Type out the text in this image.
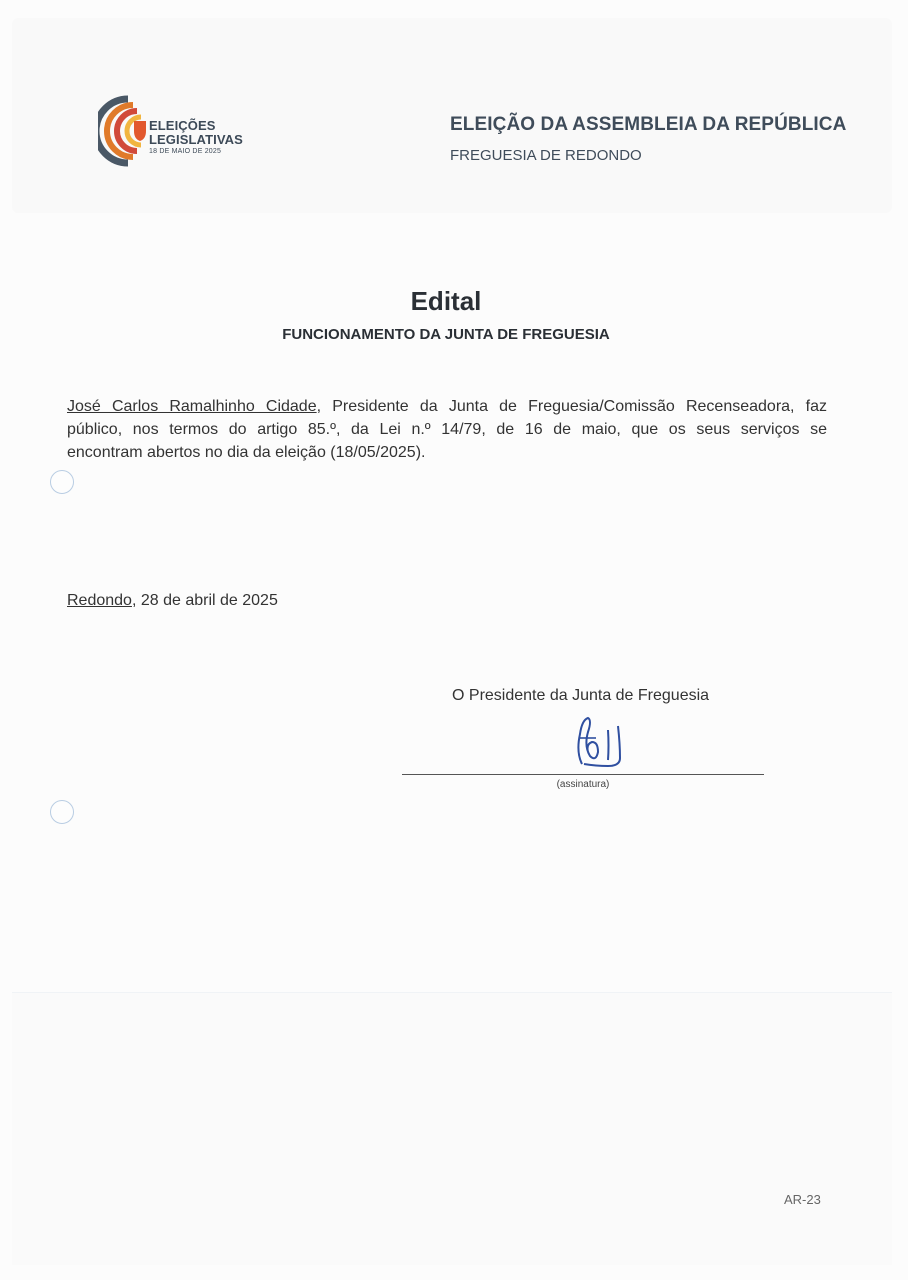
ELEIÇÕES
LEGISLATIVAS
18 DE MAIO DE 2025
ELEIÇÃO DA ASSEMBLEIA DA REPÚBLICA
FREGUESIA DE REDONDO
Edital
FUNCIONAMENTO DA JUNTA DE FREGUESIA
José Carlos Ramalhinho Cidade, Presidente da Junta de Freguesia/Comissão Recenseadora, faz
público, nos termos do artigo 85.º, da Lei n.º 14/79, de 16 de maio, que os seus serviços se
encontram abertos no dia da eleição (18/05/2025).
Redondo, 28 de abril de 2025
O Presidente da Junta de Freguesia
(assinatura)
AR-23
